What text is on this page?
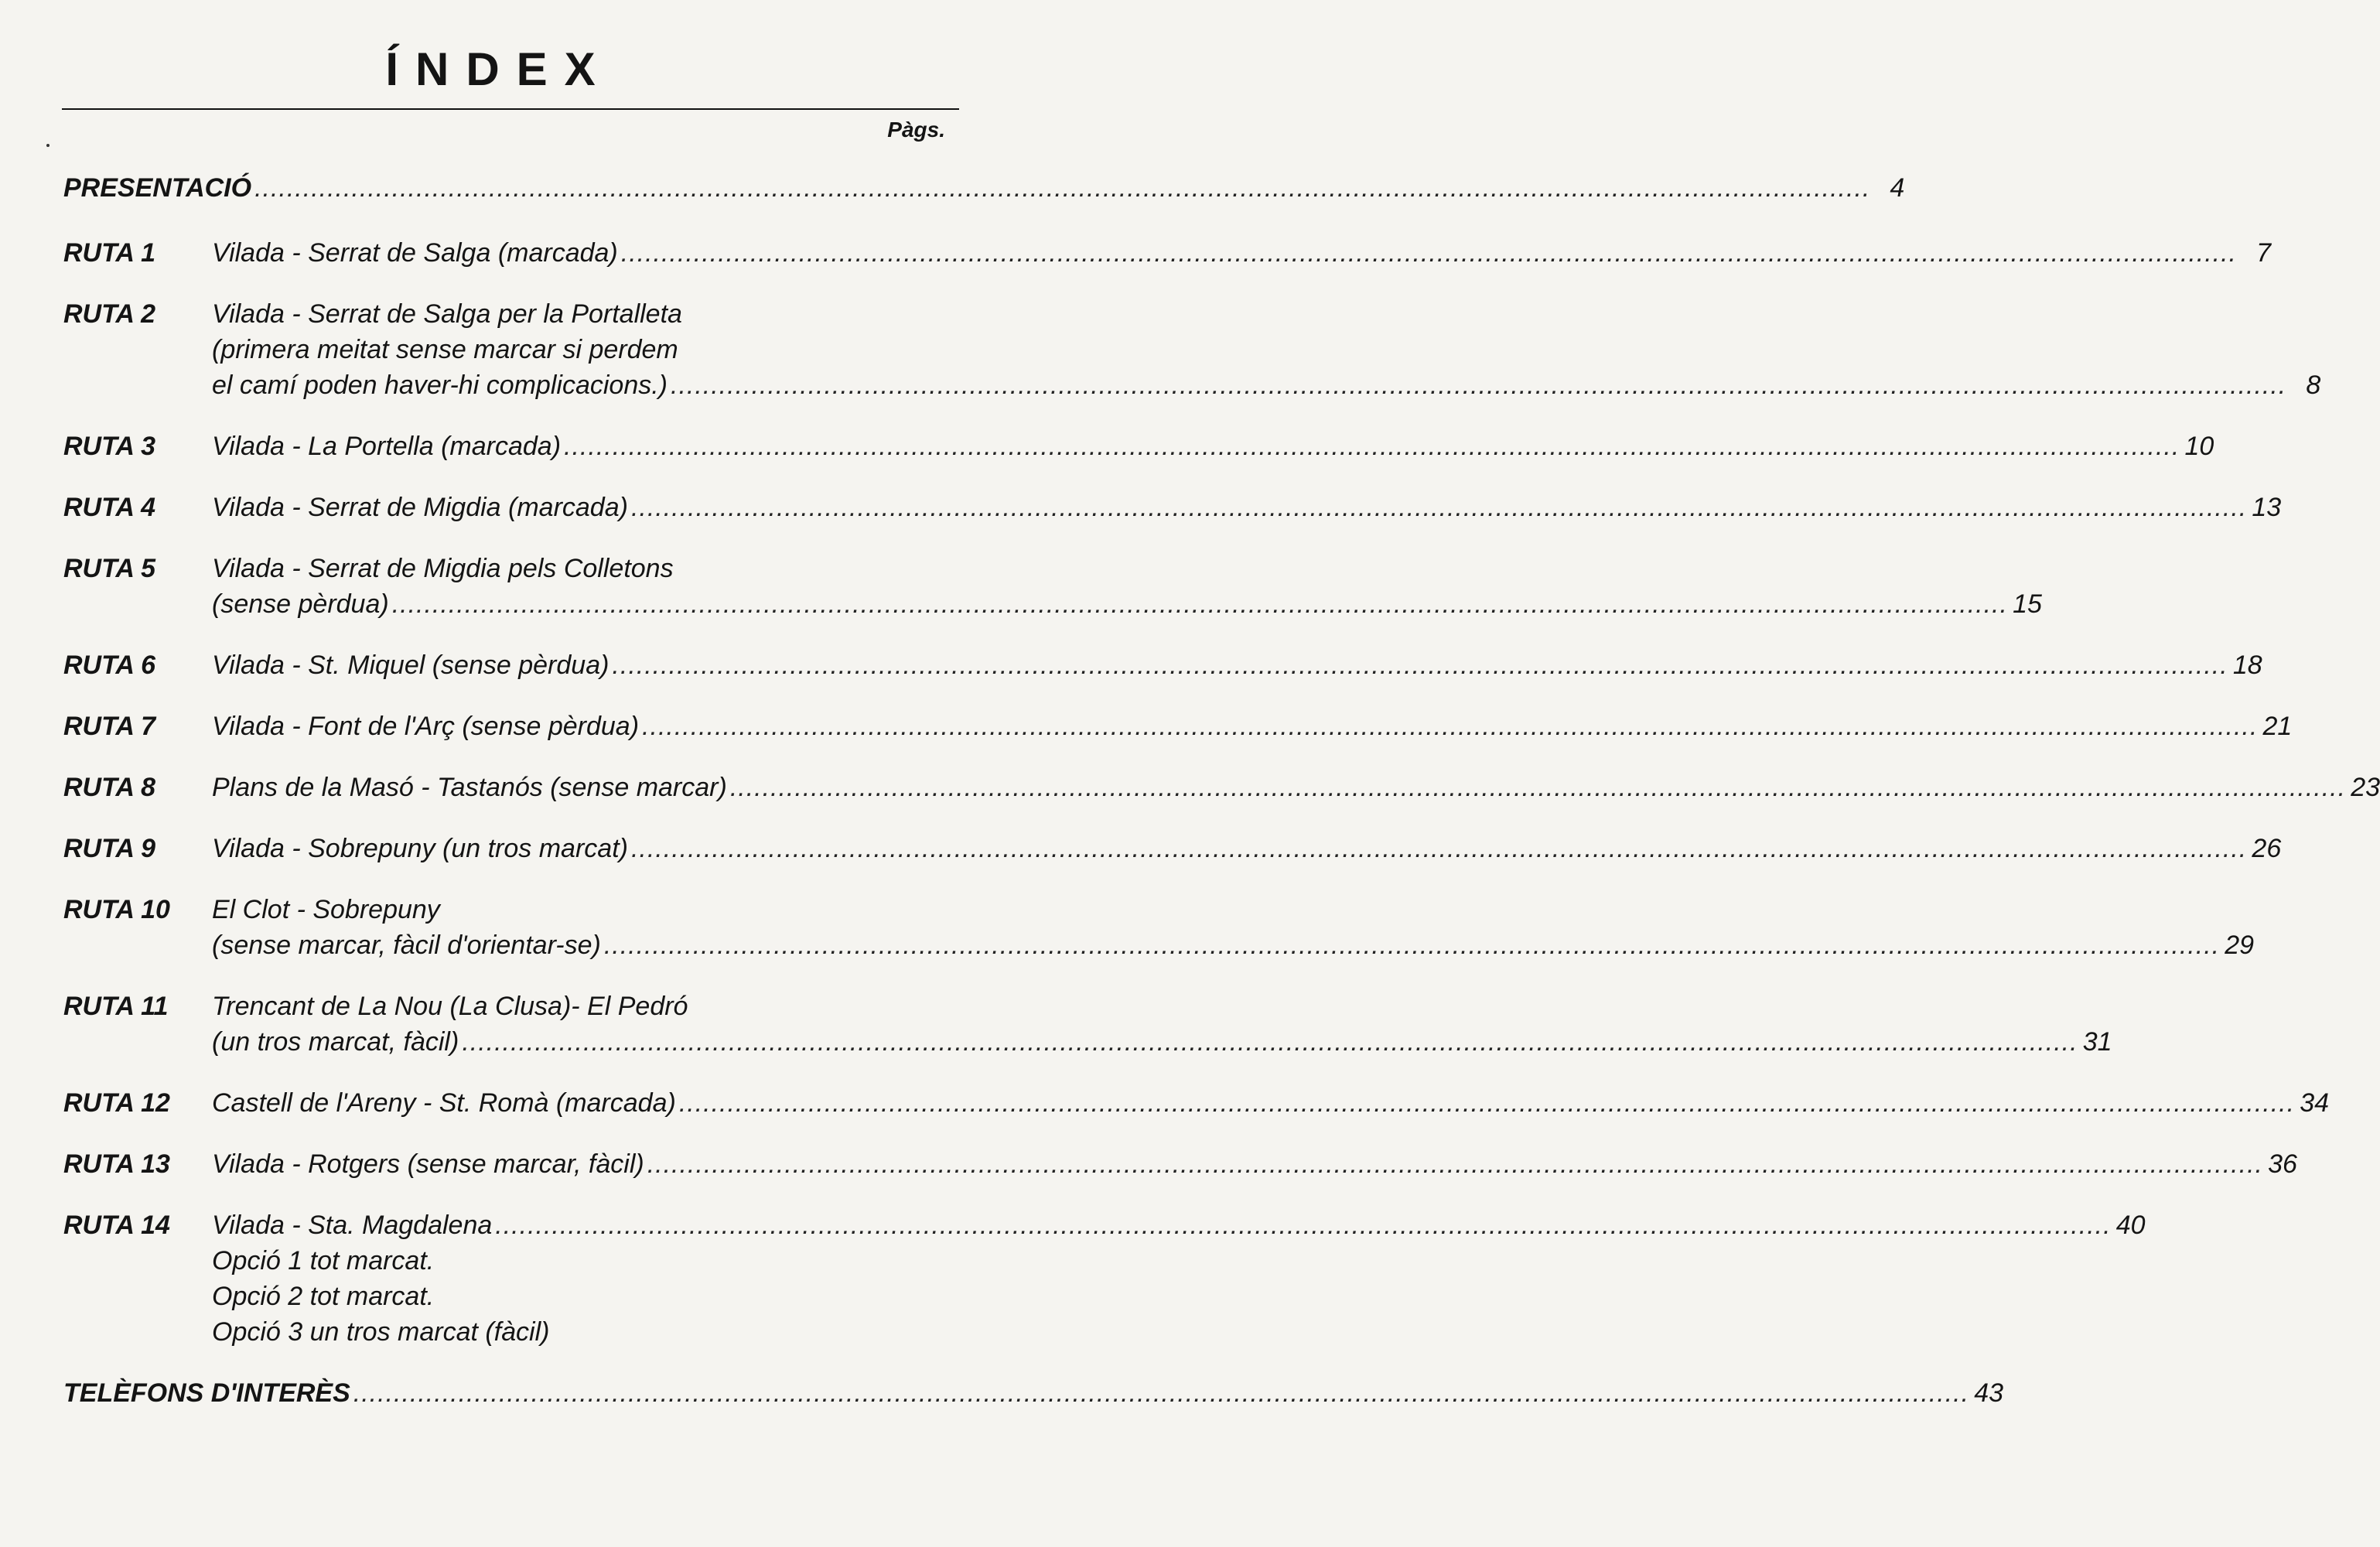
ÍNDEX
Pàgs.
PRESENTACIÓ ........................................................................................................................................................................................................ 4
RUTA 1 Vilada - Serrat de Salga (marcada) ........................................................................................................................................................................................................ 7
RUTA 2 Vilada - Serrat de Salga per la Portalleta
(primera meitat sense marcar si perdem
el camí poden haver-hi complicacions.) ........................................................................................................................................................................................................ 8
RUTA 3 Vilada - La Portella (marcada) ........................................................................................................................................................................................................ 10
RUTA 4 Vilada - Serrat de Migdia (marcada) ........................................................................................................................................................................................................ 13
RUTA 5 Vilada - Serrat de Migdia pels Colletons
(sense pèrdua) ........................................................................................................................................................................................................ 15
RUTA 6 Vilada - St. Miquel (sense pèrdua) ........................................................................................................................................................................................................ 18
RUTA 7 Vilada - Font de l'Arç (sense pèrdua) ........................................................................................................................................................................................................ 21
RUTA 8 Plans de la Masó - Tastanós (sense marcar) ........................................................................................................................................................................................................ 23
RUTA 9 Vilada - Sobrepuny (un tros marcat) ........................................................................................................................................................................................................ 26
RUTA 10 El Clot - Sobrepuny
(sense marcar, fàcil d'orientar-se) ........................................................................................................................................................................................................ 29
RUTA 11 Trencant de La Nou (La Clusa)- El Pedró
(un tros marcat, fàcil) ........................................................................................................................................................................................................ 31
RUTA 12 Castell de l'Areny - St. Romà (marcada) ........................................................................................................................................................................................................ 34
RUTA 13 Vilada - Rotgers (sense marcar, fàcil) ........................................................................................................................................................................................................ 36
RUTA 14 Vilada - Sta. Magdalena ........................................................................................................................................................................................................ 40
Opció 1 tot marcat.
Opció 2 tot marcat.
Opció 3 un tros marcat (fàcil)
TELÈFONS D'INTERÈS ........................................................................................................................................................................................................ 43
